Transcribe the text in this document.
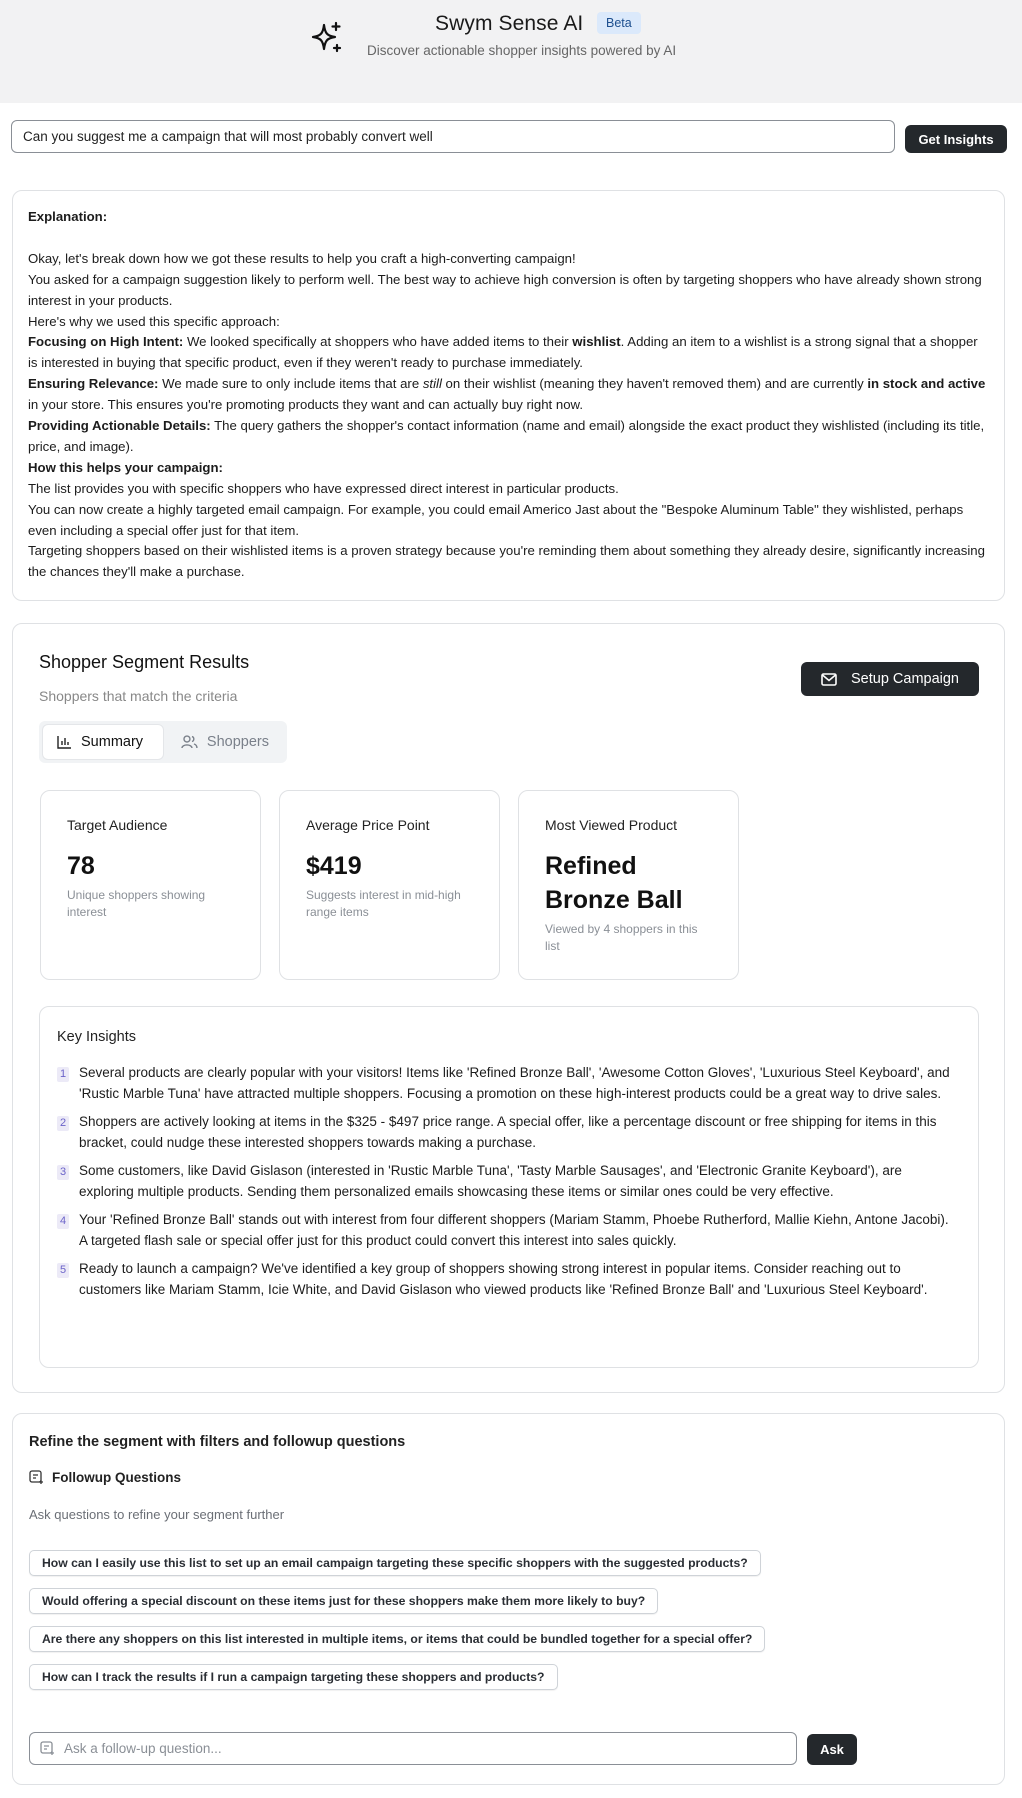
Swym Sense AI	Beta
Discover actionable shopper insights powered by AI
Can you suggest me a campaign that will most probably convert well
Get Insights

Explanation:

Okay, let's break down how we got these results to help you craft a high-converting campaign!

You asked for a campaign suggestion likely to perform well. The best way to achieve high conversion is often by targeting shoppers who have already shown strong interest in your products.

Here's why we used this specific approach:

Focusing on High Intent: We looked specifically at shoppers who have added items to their wishlist. Adding an item to a wishlist is a strong signal that a shopper is interested in buying that specific product, even if they weren't ready to purchase immediately.

Ensuring Relevance: We made sure to only include items that are still on their wishlist (meaning they haven't removed them) and are currently in stock and active in your store. This ensures you're promoting products they want and can actually buy right now.

Providing Actionable Details: The query gathers the shopper's contact information (name and email) alongside the exact product they wishlisted (including its title, price, and image).

How this helps your campaign:

The list provides you with specific shoppers who have expressed direct interest in particular products.

You can now create a highly targeted email campaign. For example, you could email Americo Jast about the "Bespoke Aluminum Table" they wishlisted, perhaps even including a special offer just for that item.

Targeting shoppers based on their wishlisted items is a proven strategy because you're reminding them about something they already desire, significantly increasing the chances they'll make a purchase.

Shopper Segment Results
Shoppers that match the criteria
Setup Campaign
Summary	Shoppers
Target Audience
78
Unique shoppers showing interest
Average Price Point
$419
Suggests interest in mid-high range items
Most Viewed Product
Refined Bronze Ball
Viewed by 4 shoppers in this list
Key Insights
1 Several products are clearly popular with your visitors! Items like 'Refined Bronze Ball', 'Awesome Cotton Gloves', 'Luxurious Steel Keyboard', and 'Rustic Marble Tuna' have attracted multiple shoppers. Focusing a promotion on these high-interest products could be a great way to drive sales.
2 Shoppers are actively looking at items in the $325 - $497 price range. A special offer, like a percentage discount or free shipping for items in this bracket, could nudge these interested shoppers towards making a purchase.
3 Some customers, like David Gislason (interested in 'Rustic Marble Tuna', 'Tasty Marble Sausages', and 'Electronic Granite Keyboard'), are exploring multiple products. Sending them personalized emails showcasing these items or similar ones could be very effective.
4 Your 'Refined Bronze Ball' stands out with interest from four different shoppers (Mariam Stamm, Phoebe Rutherford, Mallie Kiehn, Antone Jacobi). A targeted flash sale or special offer just for this product could convert this interest into sales quickly.
5 Ready to launch a campaign? We've identified a key group of shoppers showing strong interest in popular items. Consider reaching out to customers like Mariam Stamm, Icie White, and David Gislason who viewed products like 'Refined Bronze Ball' and 'Luxurious Steel Keyboard'.
Refine the segment with filters and followup questions
Followup Questions
Ask questions to refine your segment further
How can I easily use this list to set up an email campaign targeting these specific shoppers with the suggested products?
Would offering a special discount on these items just for these shoppers make them more likely to buy?
Are there any shoppers on this list interested in multiple items, or items that could be bundled together for a special offer?
How can I track the results if I run a campaign targeting these shoppers and products?
Ask a follow-up question...
Ask
